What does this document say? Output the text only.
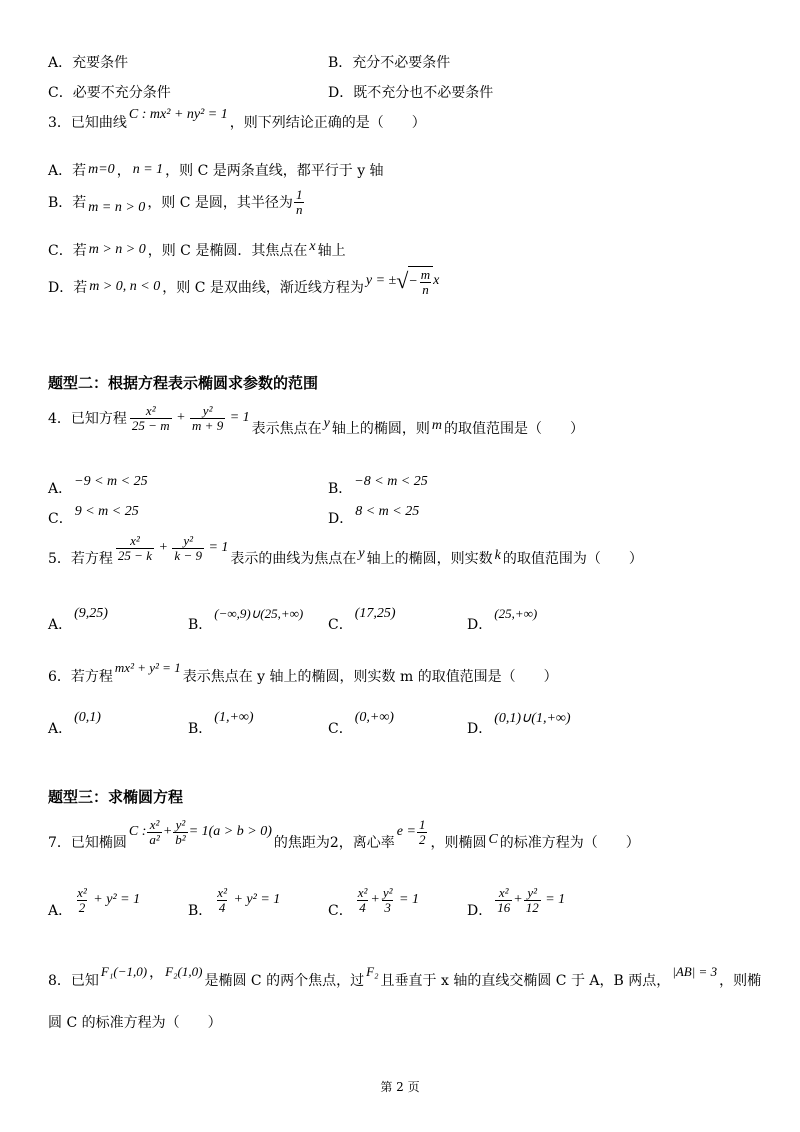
A．充要条件	B．充分不必要条件
C．必要不充分条件	D．既不充分也不必要条件
3．已知曲线
C : mx² + ny² = 1
，则下列结论正确的是（　　）
A．若 m=0 ， n = 1 ，则 C 是两条直线，都平行于 y 轴
B．若 m = n > 0 ，则 C 是圆，其半径为 $\frac{1}{n}$
C．若 m > n > 0 ，则 C 是椭圆．其焦点在 x 轴上
D．若 m > 0, n < 0 ，则 C 是双曲线，渐近线方程为 y = ± √ − $\frac{m}{n}$ x
题型二：根据方程表示椭圆求参数的范围
4．已知方程 $\frac{\text{x²}}{25 - m} + \frac{\text{y²}}{m + 9}$
= 1
表示焦点在 y 轴上的椭圆，则 m 的取值范围是（　　）
A． −9 < m < 25	B． −8 < m < 25
C． 9 < m < 25	D． 8 < m < 25
5．若方程 $\frac{\text{x²}}{25 - k} + \frac{\text{y²}}{k - 9}$
= 1
表示的曲线为焦点在 y 轴上的椭圆，则实数 k 的取值范围为（　　）
A．
(9,25)
B．
(−∞,9)∪(25,+∞)
C．
(17,25)
D．
(25,+∞)
6．若方程
mx² + y² = 1
表示焦点在 y 轴上的椭圆，则实数 m 的取值范围是（　　）
A．
(0,1)
B．
(1,+∞)
C．
(0,+∞)
D．
(0,1)∪(1,+∞)
题型三：求椭圆方程
7．已知椭圆
C : $\frac{\text{x²}}{\text{a²}} + \frac{\text{y²}}{\text{b²}} = 1(a > b > 0)$
的焦距为2，离心率
$e = \frac{1}{2}$ ，则椭圆 C 的标准方程为（　　）
A． $\frac{\text{x²}}{2}$
+ y² = 1
B． $\frac{\text{x²}}{4}$
+ y² = 1
C． $\frac{\text{x²}}{4} + \frac{\text{y²}}{3}$
= 1
D． $\frac{\text{x²}}{16} + \frac{\text{y²}}{12}$
= 1
8．已知
F₁(−1,0) ， F₂(1,0)
是椭圆 C 的两个焦点，过
F₂
且垂直于 x 轴的直线交椭圆 C 于 A，B 两点，
|AB| = 3
，则椭
圆 C 的标准方程为（　　）
第 2 页
